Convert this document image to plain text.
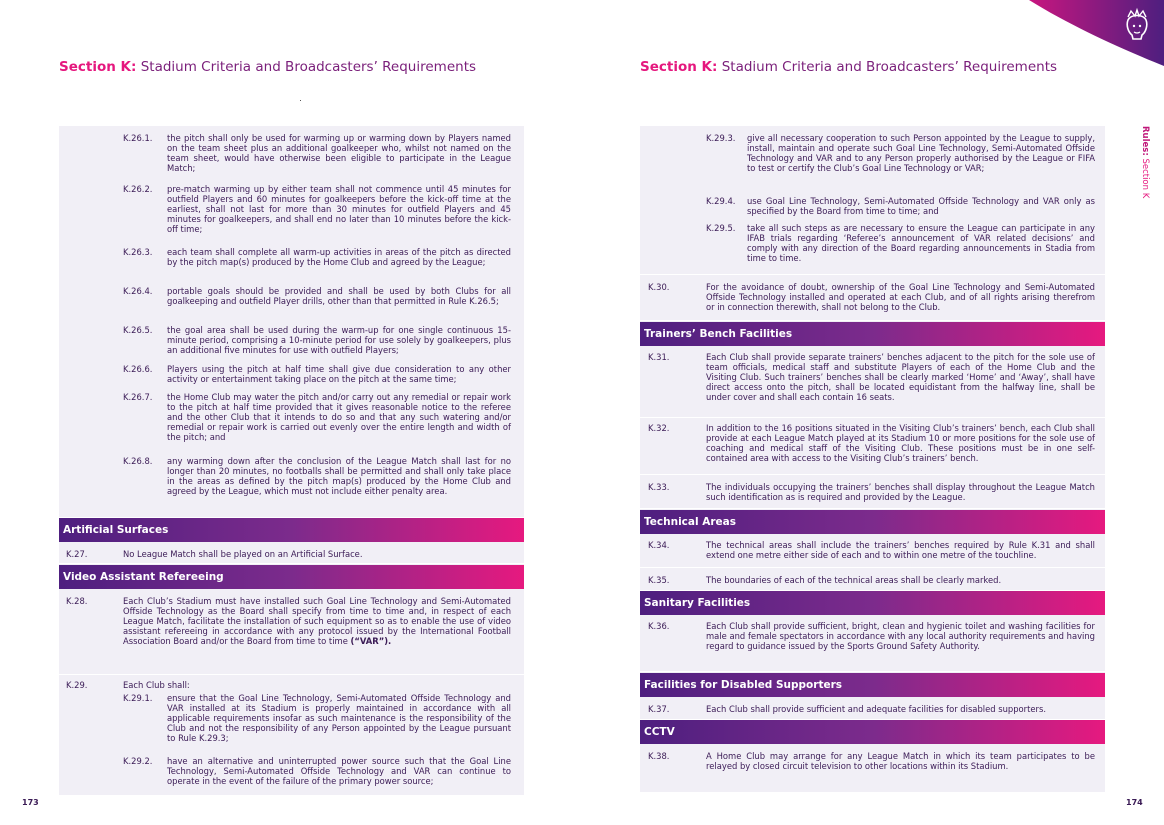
Section K: Stadium Criteria and Broadcasters’ Requirements
K.26.1. the pitch shall only be used for warming up or warming down by Players named on the team sheet plus an additional goalkeeper who, whilst not named on the team sheet, would have otherwise been eligible to participate in the League Match;
K.26.2. pre-match warming up by either team shall not commence until 45 minutes for outfield Players and 60 minutes for goalkeepers before the kick-off time at the earliest, shall not last for more than 30 minutes for outfield Players and 45 minutes for goalkeepers, and shall end no later than 10 minutes before the kick-off time;
K.26.3. each team shall complete all warm-up activities in areas of the pitch as directed by the pitch map(s) produced by the Home Club and agreed by the League;
K.26.4. portable goals should be provided and shall be used by both Clubs for all goalkeeping and outfield Player drills, other than that permitted in Rule K.26.5;
K.26.5. the goal area shall be used during the warm-up for one single continuous 15-minute period, comprising a 10-minute period for use solely by goalkeepers, plus an additional five minutes for use with outfield Players;
K.26.6. Players using the pitch at half time shall give due consideration to any other activity or entertainment taking place on the pitch at the same time;
K.26.7. the Home Club may water the pitch and/or carry out any remedial or repair work to the pitch at half time provided that it gives reasonable notice to the referee and the other Club that it intends to do so and that any such watering and/or remedial or repair work is carried out evenly over the entire length and width of the pitch; and
K.26.8. any warming down after the conclusion of the League Match shall last for no longer than 20 minutes, no footballs shall be permitted and shall only take place in the areas as defined by the pitch map(s) produced by the Home Club and agreed by the League, which must not include either penalty area.
Artificial Surfaces
K.27.	No League Match shall be played on an Artificial Surface.
Video Assistant Refereeing
K.28.	Each Club’s Stadium must have installed such Goal Line Technology and Semi-Automated Offside Technology as the Board shall specify from time to time and, in respect of each League Match, facilitate the installation of such equipment so as to enable the use of video assistant refereeing in accordance with any protocol issued by the International Football Association Board and/or the Board from time to time (“VAR”).
K.29.	Each Club shall:
K.29.1. ensure that the Goal Line Technology, Semi-Automated Offside Technology and VAR installed at its Stadium is properly maintained in accordance with all applicable requirements insofar as such maintenance is the responsibility of the Club and not the responsibility of any Person appointed by the League pursuant to Rule K.29.3;
K.29.2. have an alternative and uninterrupted power source such that the Goal Line Technology, Semi-Automated Offside Technology and VAR can continue to operate in the event of the failure of the primary power source;
173
Section K: Stadium Criteria and Broadcasters’ Requirements
K.29.3. give all necessary cooperation to such Person appointed by the League to supply, install, maintain and operate such Goal Line Technology, Semi-Automated Offside Technology and VAR and to any Person properly authorised by the League or FIFA to test or certify the Club’s Goal Line Technology or VAR;
K.29.4. use Goal Line Technology, Semi-Automated Offside Technology and VAR only as specified by the Board from time to time; and
K.29.5. take all such steps as are necessary to ensure the League can participate in any IFAB trials regarding ‘Referee’s announcement of VAR related decisions’ and comply with any direction of the Board regarding announcements in Stadia from time to time.
K.30.	For the avoidance of doubt, ownership of the Goal Line Technology and Semi-Automated Offside Technology installed and operated at each Club, and of all rights arising therefrom or in connection therewith, shall not belong to the Club.
Trainers’ Bench Facilities
K.31.	Each Club shall provide separate trainers’ benches adjacent to the pitch for the sole use of team officials, medical staff and substitute Players of each of the Home Club and the Visiting Club. Such trainers’ benches shall be clearly marked ‘Home’ and ‘Away’, shall have direct access onto the pitch, shall be located equidistant from the halfway line, shall be under cover and shall each contain 16 seats.
K.32.	In addition to the 16 positions situated in the Visiting Club’s trainers’ bench, each Club shall provide at each League Match played at its Stadium 10 or more positions for the sole use of coaching and medical staff of the Visiting Club. These positions must be in one self-contained area with access to the Visiting Club’s trainers’ bench.
K.33.	The individuals occupying the trainers’ benches shall display throughout the League Match such identification as is required and provided by the League.
Technical Areas
K.34.	The technical areas shall include the trainers’ benches required by Rule K.31 and shall extend one metre either side of each and to within one metre of the touchline.
K.35.	The boundaries of each of the technical areas shall be clearly marked.
Sanitary Facilities
K.36.	Each Club shall provide sufficient, bright, clean and hygienic toilet and washing facilities for male and female spectators in accordance with any local authority requirements and having regard to guidance issued by the Sports Ground Safety Authority.
Facilities for Disabled Supporters
K.37.	Each Club shall provide sufficient and adequate facilities for disabled supporters.
CCTV
K.38.	A Home Club may arrange for any League Match in which its team participates to be relayed by closed circuit television to other locations within its Stadium.
174
Rules: Section K
